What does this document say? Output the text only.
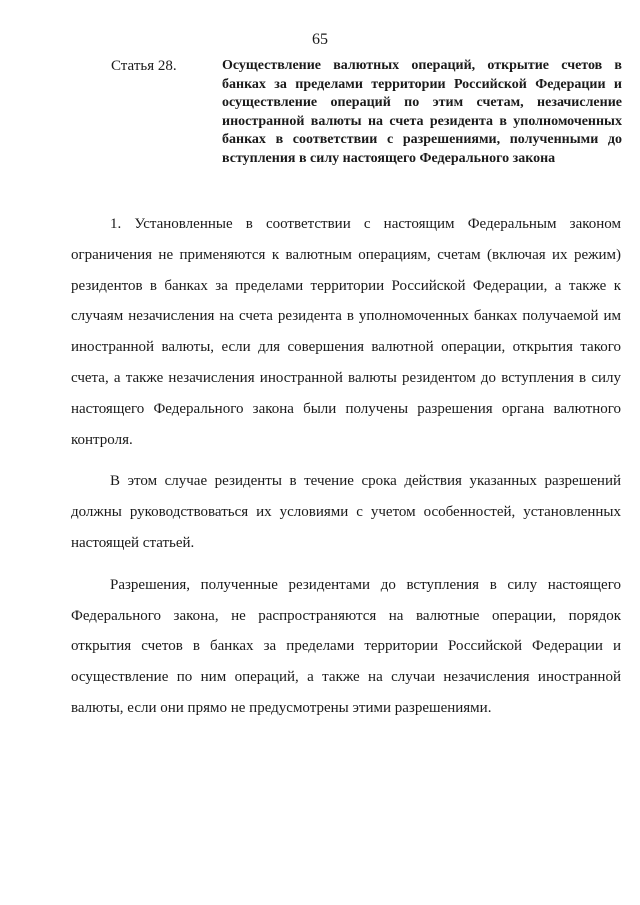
65
Статья 28.	Осуществление валютных операций, открытие счетов в банках за пределами территории Российской Федерации и осуществление операций по этим счетам, незачисление иностранной валюты на счета резидента в уполномоченных банках в соответствии с разрешениями, полученными до вступления в силу настоящего Федерального закона

1. Установленные в соответствии с настоящим Федеральным законом ограничения не применяются к валютным операциям, счетам (включая их режим) резидентов в банках за пределами территории Российской Федерации, а также к случаям незачисления на счета резидента в уполномоченных банках получаемой им иностранной валюты, если для совершения валютной операции, открытия такого счета, а также незачисления иностранной валюты резидентом до вступления в силу настоящего Федерального закона были получены разрешения органа валютного контроля.

В этом случае резиденты в течение срока действия указанных разрешений должны руководствоваться их условиями с учетом особенностей, установленных настоящей статьей.

Разрешения, полученные резидентами до вступления в силу настоящего Федерального закона, не распространяются на валютные операции, порядок открытия счетов в банках за пределами территории Российской Федерации и осуществление по ним операций, а также на случаи незачисления иностранной валюты, если они прямо не предусмотрены этими разрешениями.
